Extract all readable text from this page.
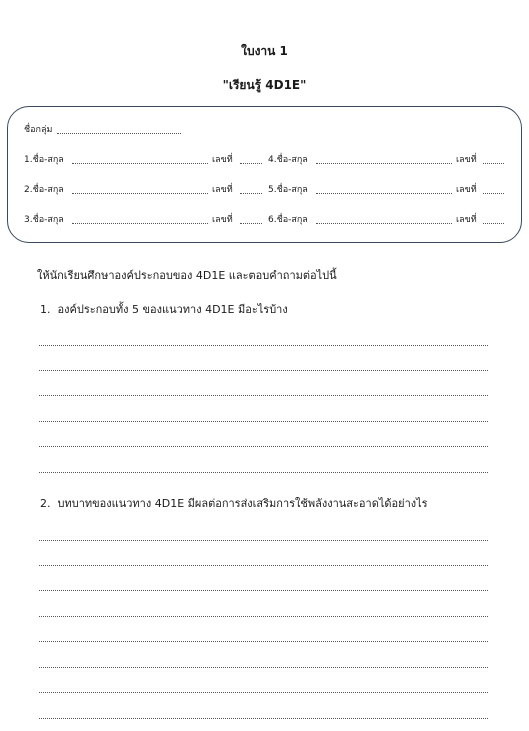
ใบงาน 1
"เรียนรู้ 4D1E"
ชื่อกลุ่ม
1.ชื่อ-สกุล	เลขที่
2.ชื่อ-สกุล	เลขที่
3.ชื่อ-สกุล	เลขที่
4.ชื่อ-สกุล	เลขที่
5.ชื่อ-สกุล	เลขที่
6.ชื่อ-สกุล	เลขที่
ให้นักเรียนศึกษาองค์ประกอบของ 4D1E และตอบคำถามต่อไปนี้
1. องค์ประกอบทั้ง 5 ของแนวทาง 4D1E มีอะไรบ้าง
2. บทบาทของแนวทาง 4D1E มีผลต่อการส่งเสริมการใช้พลังงานสะอาดได้อย่างไร
